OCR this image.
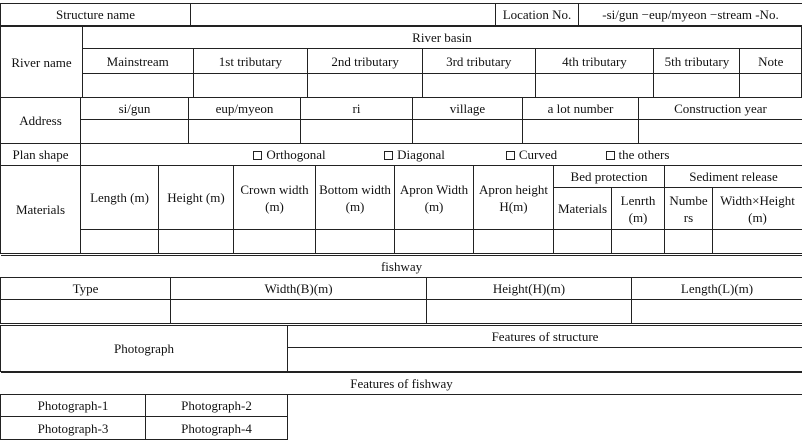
Structure name		Location No.	-si/gun −eup/myeon −stream -No.
River name	River basin						
	Mainstream	1st tributary	2nd tributary	3rd tributary	4th tributary	5th tributary	Note

Address	si/gun	eup/myeon	ri	village	a lot number	Construction year

Plan shape		Orthogonal	Diagonal	Curved	the others
Materials	Length (m)	Height (m)	Crown width (m)	Bottom width (m)	Apron Width (m)	Apron height H(m)	Bed protection		Sediment release	
							Materials	Lenrth (m)	Numbe rs	Width×Height (m)

fishway			
Type	Width(B)(m)	Height(H)(m)	Length(L)(m)

Photograph	Features of structure

Features of fishway		
Photograph-1	Photograph-2	
Photograph-3	Photograph-4	
